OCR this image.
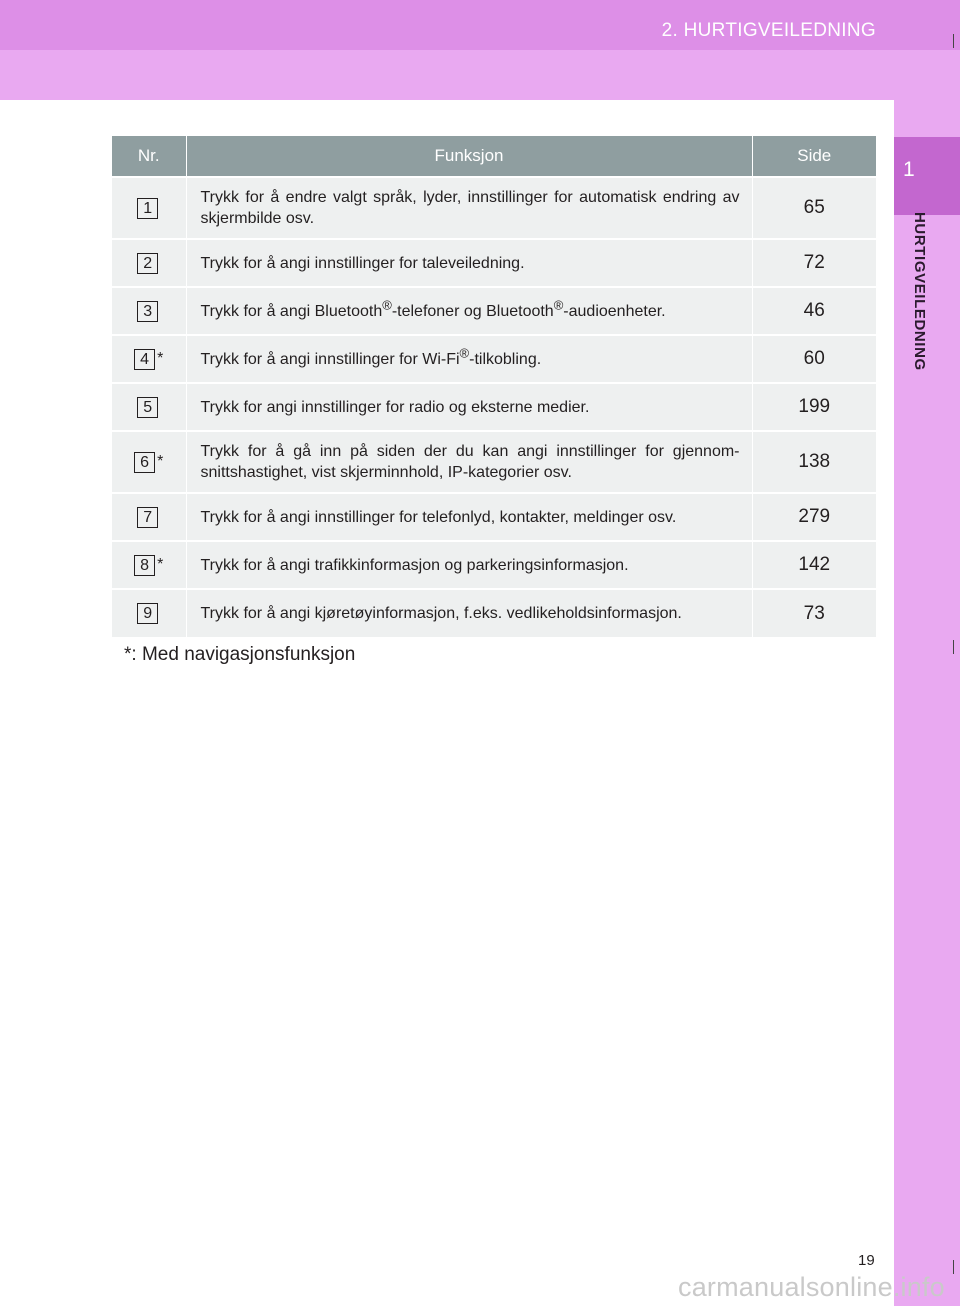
2. HURTIGVEILEDNING
1
HURTIGVEILEDNING
Nr.	Funksjon	Side
1	Trykk for å endre valgt språk, lyder, innstillinger for automatisk endring av skjermbilde osv.	65
2	Trykk for å angi innstillinger for taleveiledning.	72
3	Trykk for å angi Bluetooth®-telefoner og Bluetooth®-audioenheter.	46
4 *	Trykk for å angi innstillinger for Wi-Fi®-tilkobling.	60
5	Trykk for angi innstillinger for radio og eksterne medier.	199
6 *	Trykk for å gå inn på siden der du kan angi innstillinger for gjennom-snittshastighet, vist skjerminnhold, IP-kategorier osv.	138
7	Trykk for å angi innstillinger for telefonlyd, kontakter, meldinger osv.	279
8 *	Trykk for å angi trafikkinformasjon og parkeringsinformasjon.	142
9	Trykk for å angi kjøretøyinformasjon, f.eks. vedlikeholdsinformasjon.	73
*: Med navigasjonsfunksjon
19
carmanualsonline.info
